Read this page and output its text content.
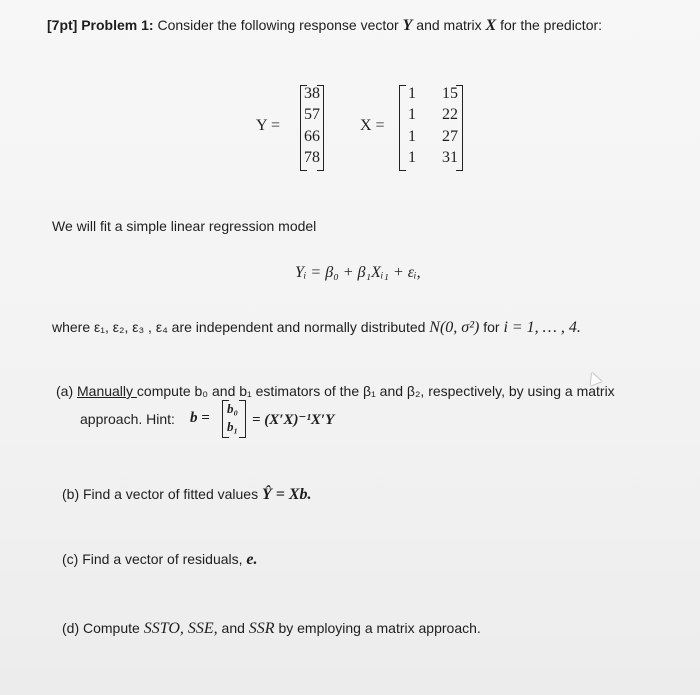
[7pt] Problem 1: Consider the following response vector Y and matrix X for the predictor:
Y =
38
57
66
78
X =
1
1
1
1
15
22
27
31
We will fit a simple linear regression model
Yᵢ = β₀ + β₁Xᵢ₁ + εᵢ,
where ε₁, ε₂, ε₃ , ε₄ are independent and normally distributed N(0, σ²) for i = 1, … , 4.
(a) Manually compute b₀ and b₁ estimators of the β₁ and β₂, respectively, by using a matrix
approach. Hint: b =
b₀
b₁ = (X′X)⁻¹X′Y
(b) Find a vector of fitted values Ŷ = Xb.
(c) Find a vector of residuals, e.
(d) Compute SSTO, SSE, and SSR by employing a matrix approach.
